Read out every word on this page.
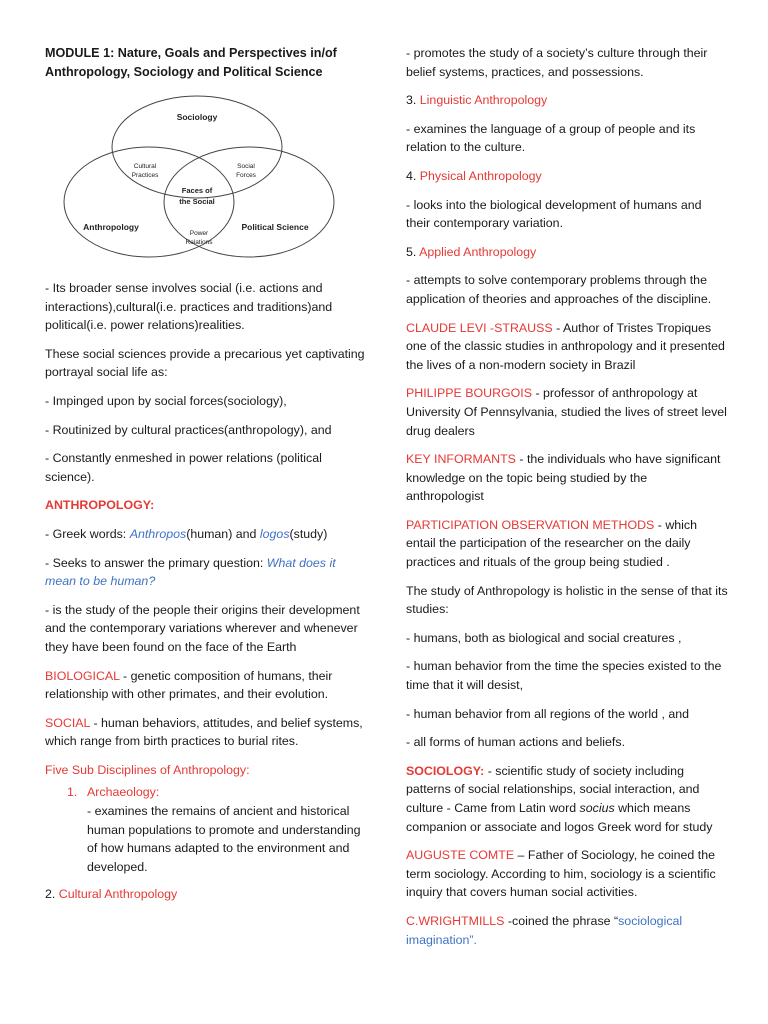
MODULE 1: Nature, Goals and Perspectives in/of Anthropology, Sociology and Political Science
Sociology
Anthropology	Political Science
Cultural
Practices
Social
Forces
Faces of
the Social
Power
Relations

- Its broader sense involves social (i.e. actions and interactions),cultural(i.e. practices and traditions)and political(i.e. power relations)realities.

These social sciences provide a precarious yet captivating portrayal social life as:

- Impinged upon by social forces(sociology),

- Routinized by cultural practices(anthropology), and

- Constantly enmeshed in power relations (political science).

ANTHROPOLOGY:

- Greek words: Anthropos(human) and logos(study)

- Seeks to answer the primary question: What does it mean to be human?

- is the study of the people their origins their development and the contemporary variations wherever and whenever they have been found on the face of the Earth

BIOLOGICAL - genetic composition of humans, their relationship with other primates, and their evolution.

SOCIAL - human behaviors, attitudes, and belief systems, which range from birth practices to burial rites.

Five Sub Disciplines of Anthropology:

1. Archaeology:
- examines the remains of ancient and historical human populations to promote and understanding of how humans adapted to the environment and developed.

2. Cultural Anthropology

- promotes the study of a society’s culture through their belief systems, practices, and possessions.

3. Linguistic Anthropology

- examines the language of a group of people and its relation to the culture.

4. Physical Anthropology

- looks into the biological development of humans and their contemporary variation.

5. Applied Anthropology

- attempts to solve contemporary problems through the application of theories and approaches of the discipline.

CLAUDE LEVI -STRAUSS - Author of Tristes Tropiques one of the classic studies in anthropology and it presented the lives of a non-modern society in Brazil

PHILIPPE BOURGOIS - professor of anthropology at University Of Pennsylvania, studied the lives of street level drug dealers

KEY INFORMANTS - the individuals who have significant knowledge on the topic being studied by the anthropologist

PARTICIPATION OBSERVATION METHODS - which entail the participation of the researcher on the daily practices and rituals of the group being studied .

The study of Anthropology is holistic in the sense of that its studies:

- humans, both as biological and social creatures ,

- human behavior from the time the species existed to the time that it will desist,

- human behavior from all regions of the world , and

- all forms of human actions and beliefs.

SOCIOLOGY: - scientific study of society including patterns of social relationships, social interaction, and culture - Came from Latin word socius which means companion or associate and logos Greek word for study

AUGUSTE COMTE – Father of Sociology, he coined the term sociology. According to him, sociology is a scientific inquiry that covers human social activities.

C.WRIGHTMILLS -coined the phrase “sociological imagination”.
